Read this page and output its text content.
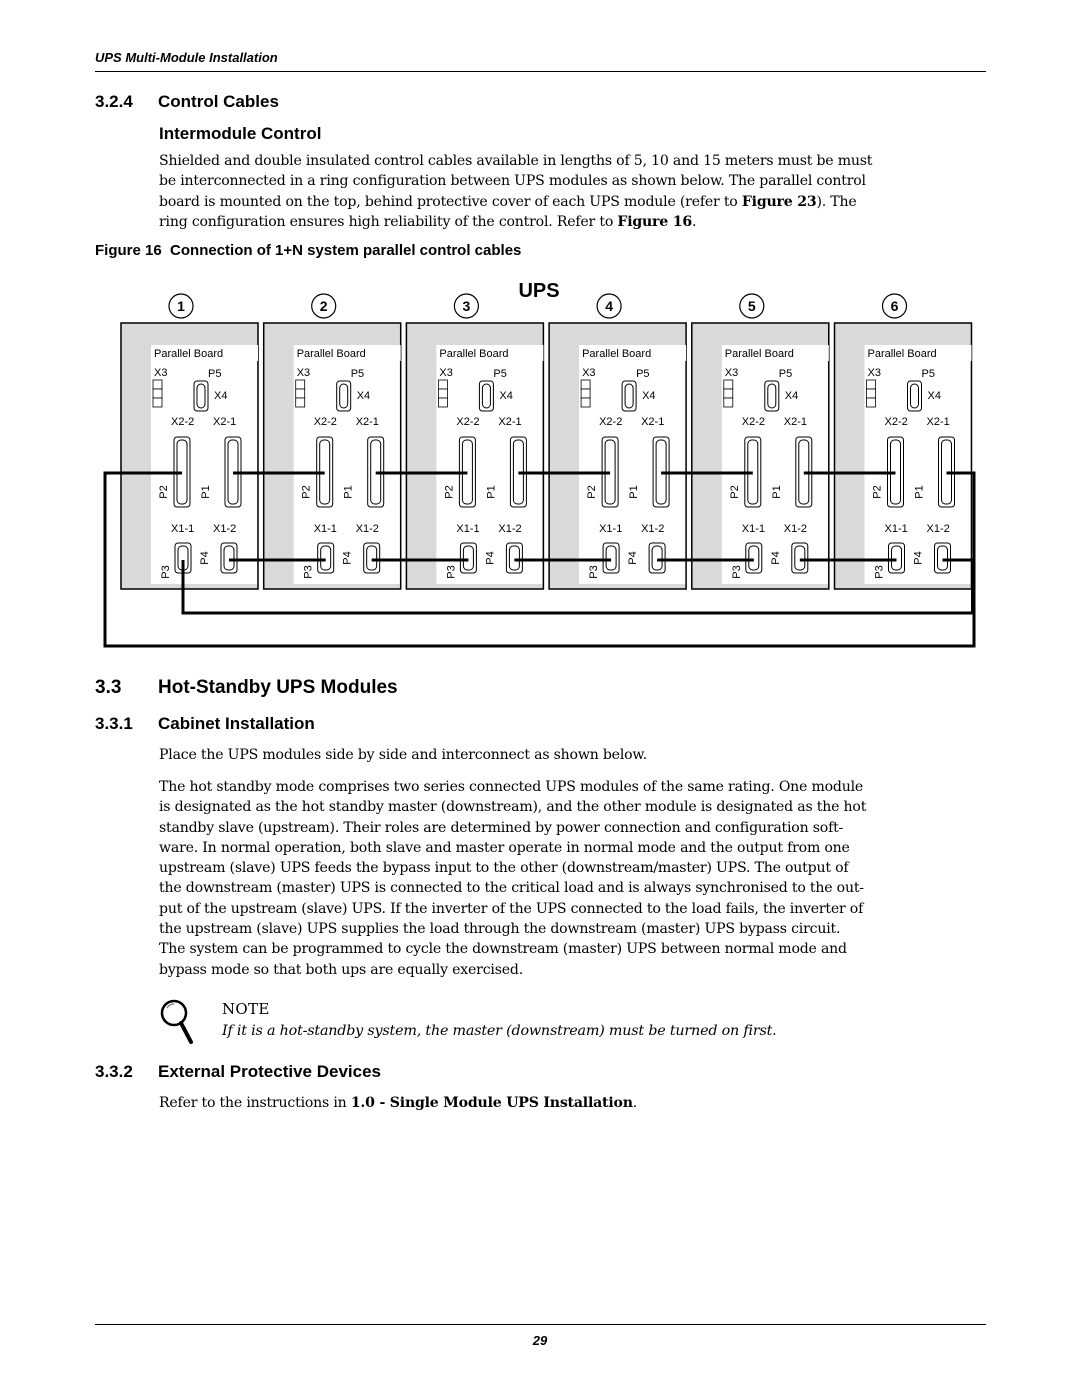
UPS Multi-Module Installation
3.2.4 Control Cables
Intermodule Control
Shielded and double insulated control cables available in lengths of 5, 10 and 15 meters must be must
be interconnected in a ring configuration between UPS modules as shown below. The parallel control
board is mounted on the top, behind protective cover of each UPS module (refer to Figure 23). The
ring configuration ensures high reliability of the control. Refer to Figure 16.
Figure 16 Connection of 1+N system parallel control cables
UPS
1
Parallel Board
X3	P5
X4
X2-2 X2-1
P2	P1
X1-1 X1-2
P3
P4
2
Parallel Board
X3	P5
X4
X2-2 X2-1
P2	P1
X1-1 X1-2
P3
P4
3
Parallel Board
X3	P5
X4
X2-2 X2-1
P2	P1
X1-1 X1-2
P3
P4
4
Parallel Board
X3	P5
X4
X2-2 X2-1
P2	P1
X1-1 X1-2
P3
P4
5
Parallel Board
X3	P5
X4
X2-2 X2-1
P2	P1
X1-1 X1-2
P3
P4
6
Parallel Board
X3	P5
X4
X2-2 X2-1
P2	P1
X1-1 X1-2
P3
P4
3.3 Hot-Standby UPS Modules
3.3.1 Cabinet Installation
Place the UPS modules side by side and interconnect as shown below.
The hot standby mode comprises two series connected UPS modules of the same rating. One module
is designated as the hot standby master (downstream), and the other module is designated as the hot
standby slave (upstream). Their roles are determined by power connection and configuration soft-
ware. In normal operation, both slave and master operate in normal mode and the output from one
upstream (slave) UPS feeds the bypass input to the other (downstream/master) UPS. The output of
the downstream (master) UPS is connected to the critical load and is always synchronised to the out-
put of the upstream (slave) UPS. If the inverter of the UPS connected to the load fails, the inverter of
the upstream (slave) UPS supplies the load through the downstream (master) UPS bypass circuit.
The system can be programmed to cycle the downstream (master) UPS between normal mode and
bypass mode so that both ups are equally exercised.
NOTE
If it is a hot-standby system, the master (downstream) must be turned on first.
3.3.2 External Protective Devices
Refer to the instructions in 1.0 - Single Module UPS Installation.
29
